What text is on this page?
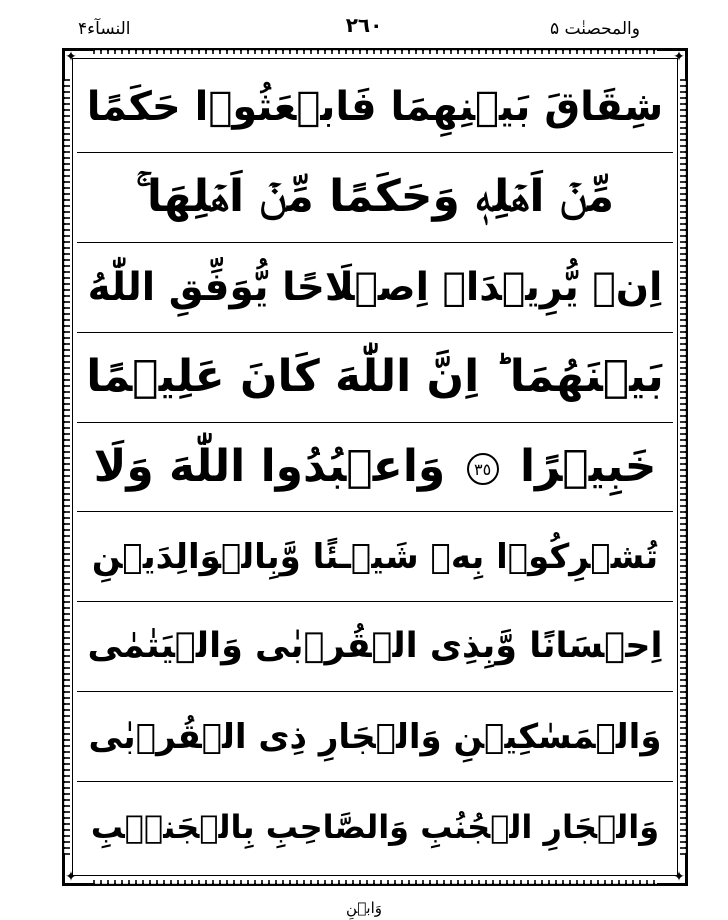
النسآء۴	۲٦٠	والمحصنٰت ۵
✦	✦
✦	✦
شِقَاقَ بَيۡنِهِمَا فَابۡعَثُوۡا حَكَمًا
مِّنۡ اَهۡلِهٖ وَحَكَمًا مِّنۡ اَهۡلِهَا ۚ
اِنۡ يُّرِيۡدَاۤ اِصۡلَاحًا يُّوَفِّقِ اللّٰهُ
بَيۡنَهُمَا ؕ اِنَّ اللّٰهَ كَانَ عَلِيۡمًا
خَبِيۡرًا ٣٥ وَاعۡبُدُوا اللّٰهَ وَلَا
تُشۡرِكُوۡا بِهٖ شَيۡـئًا وَّبِالۡوَالِدَيۡنِ
اِحۡسَانًا وَّبِذِى الۡقُرۡبٰى وَالۡيَتٰمٰى
وَالۡمَسٰكِيۡنِ وَالۡجَارِ ذِى الۡقُرۡبٰى
وَالۡجَارِ الۡجُنُبِ وَالصَّاحِبِ بِالۡجَنۡۢبِ
وَابۡنِ
